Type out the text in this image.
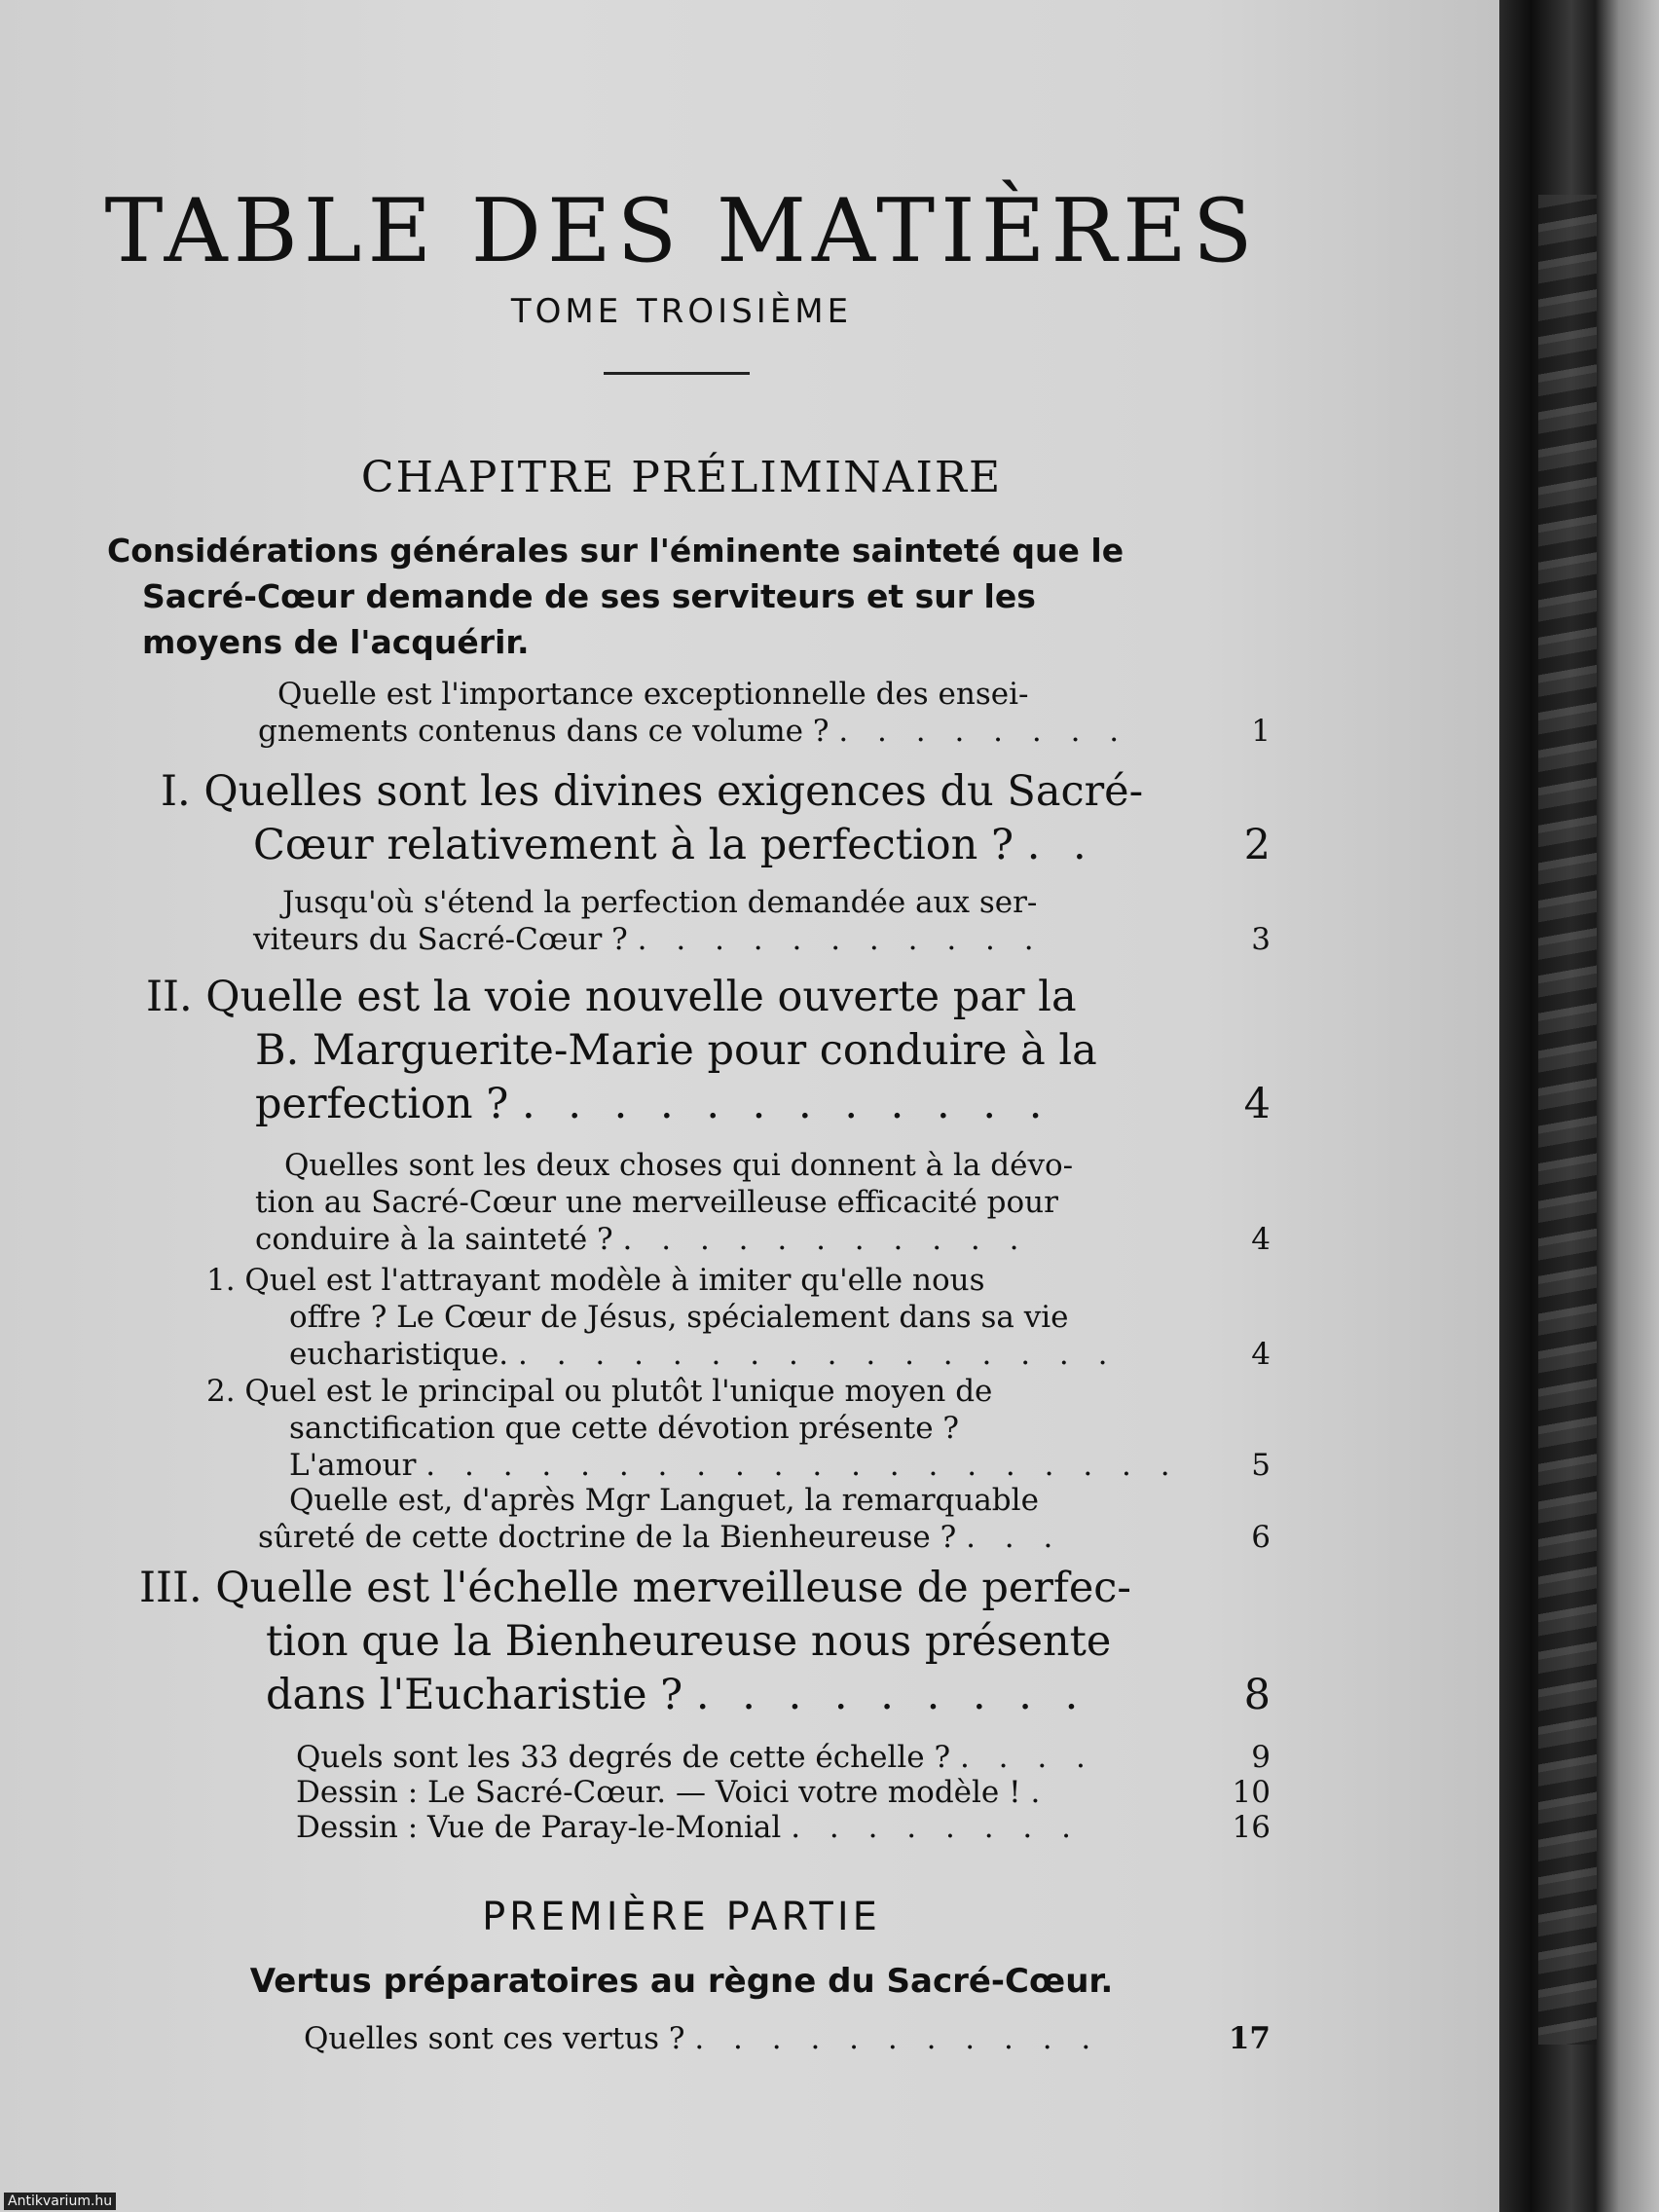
TABLE DES MATIÈRES
TOME TROISIÈME
CHAPITRE PRÉLIMINAIRE
Considérations générales sur l'éminente sainteté que le
Sacré-Cœur demande de ses serviteurs et sur les
moyens de l'acquérir.
Quelle est l'importance exceptionnelle des ensei-
gnements contenus dans ce volume ? . . . . . . . .	1
I. Quelles sont les divines exigences du Sacré-
Cœur relativement à la perfection ? . .	2
Jusqu'où s'étend la perfection demandée aux ser-
viteurs du Sacré-Cœur ? . . . . . . . . . . .	3
II. Quelle est la voie nouvelle ouverte par la
B. Marguerite-Marie pour conduire à la
perfection ? . . . . . . . . . . . .	4
Quelles sont les deux choses qui donnent à la dévo-
tion au Sacré-Cœur une merveilleuse efficacité pour
conduire à la sainteté ? . . . . . . . . . . .	4
1. Quel est l'attrayant modèle à imiter qu'elle nous
offre ? Le Cœur de Jésus, spécialement dans sa vie
eucharistique. . . . . . . . . . . . . . . . .	4
2. Quel est le principal ou plutôt l'unique moyen de
sanctification que cette dévotion présente ?
L'amour . . . . . . . . . . . . . . . . . . . .	5
Quelle est, d'après Mgr Languet, la remarquable
sûreté de cette doctrine de la Bienheureuse ? . . .	6
III. Quelle est l'échelle merveilleuse de perfec-
tion que la Bienheureuse nous présente
dans l'Eucharistie ? . . . . . . . . .	8
Quels sont les 33 degrés de cette échelle ? . . . .	9
Dessin : Le Sacré-Cœur. — Voici votre modèle ! .	10
Dessin : Vue de Paray-le-Monial . . . . . . . .	16
PREMIÈRE PARTIE
Vertus préparatoires au règne du Sacré-Cœur.
Quelles sont ces vertus ? . . . . . . . . . . .	17
Antikvarium.hu
